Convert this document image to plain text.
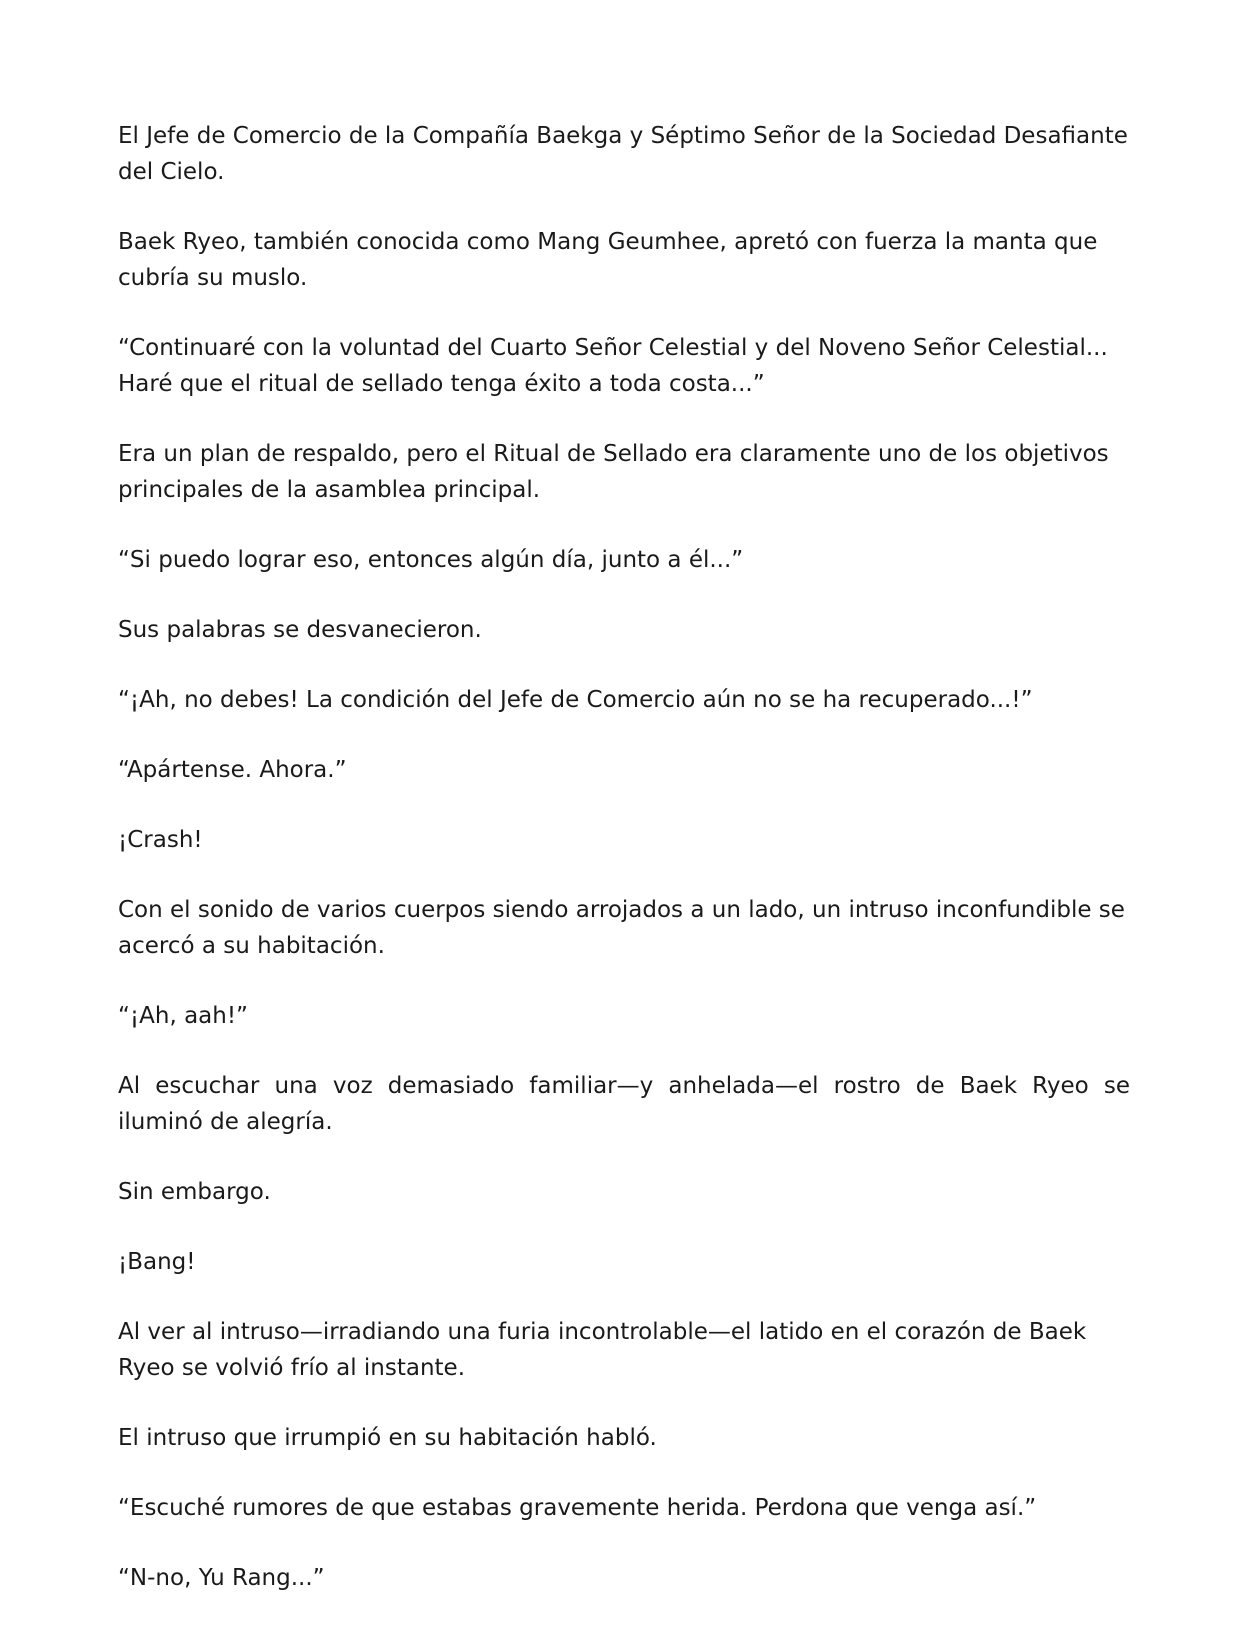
El Jefe de Comercio de la Compañía Baekga y Séptimo Señor de la Sociedad Desafiante del Cielo.

Baek Ryeo, también conocida como Mang Geumhee, apretó con fuerza la manta que cubría su muslo.

“Continuaré con la voluntad del Cuarto Señor Celestial y del Noveno Señor Celestial... Haré que el ritual de sellado tenga éxito a toda costa...”

Era un plan de respaldo, pero el Ritual de Sellado era claramente uno de los objetivos principales de la asamblea principal.

“Si puedo lograr eso, entonces algún día, junto a él...”

Sus palabras se desvanecieron.

“¡Ah, no debes! La condición del Jefe de Comercio aún no se ha recuperado...!”

“Apártense. Ahora.”

¡Crash!

Con el sonido de varios cuerpos siendo arrojados a un lado, un intruso inconfundible se acercó a su habitación.

“¡Ah, aah!”

Al escuchar una voz demasiado familiar—y anhelada—el rostro de Baek Ryeo se iluminó de alegría.

Sin embargo.

¡Bang!

Al ver al intruso—irradiando una furia incontrolable—el latido en el corazón de Baek Ryeo se volvió frío al instante.

El intruso que irrumpió en su habitación habló.

“Escuché rumores de que estabas gravemente herida. Perdona que venga así.”

“N-no, Yu Rang...”
